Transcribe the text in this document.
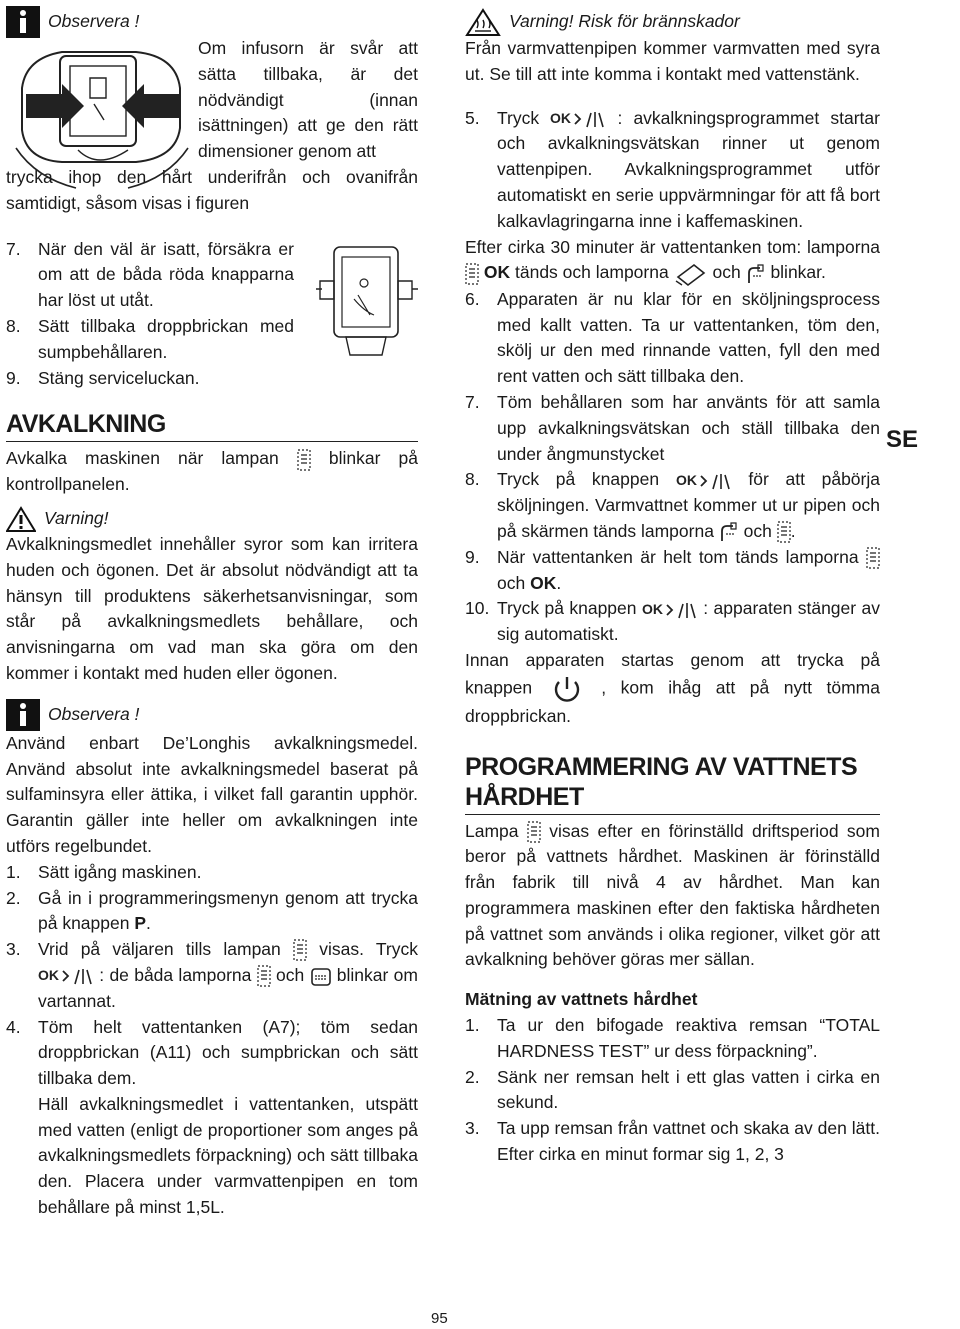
Observera !

Om infusorn är svår att sätta tillbaka, är det nödvändigt (innan isättningen) att ge den rätt dimensioner genom att

trycka ihop den hårt underifrån och ovanifrån samtidigt, såsom visas i figuren

7. När den väl är isatt, försäkra er om att de båda röda knapparna har löst ut utåt.
8. Sätt tillbaka droppbrickan med sumpbehållaren.
9. Stäng serviceluckan.
AVKALKNING

Avkalka maskinen när lampan	blinkar på kontrollpanelen.

Varning!

Avkalkningsmedlet innehåller syror som kan irritera huden och ögonen. Det är absolut nödvändigt att ta hänsyn till produktens säkerhetsanvisningar, som står på avkalkningsmedlets behållare, och anvisningarna om vad man ska göra om den kommer i kontakt med huden eller ögonen.

Observera !

Använd enbart De’Longhis avkalkningsmedel. Använd absolut inte avkalkningsmedel baserat på sulfaminsyra eller ättika, i vilket fall garantin upphör. Garantin gäller inte heller om avkalkningen inte utförs regelbundet.

1. Sätt igång maskinen.
2. Gå in i programmeringsmenyn genom att trycka på knappen P.
3. Vrid på väljaren tills lampan visas. Tryck  : de båda lamporna och blinkar om vartannat.
4. Töm helt vattentanken (A7); töm sedan droppbrickan (A11) och sumpbrickan och sätt tillbaka dem.
Häll avkalkningsmedlet i vattentanken, utspätt med vatten (enligt de proportioner som anges på avkalkningsmedlets förpackning) och sätt tillbaka den. Placera under varmvattenpipen en tom behållare på minst 1,5L.
Varning! Risk för brännskador

Från varmvattenpipen kommer varmvatten med syra ut. Se till att inte komma i kontakt med vattenstänk.

5. Tryck	: avkalkningsprogrammet startar och avkalkningsvätskan rinner ut genom vattenpipen. Avkalkningsprogrammet utför automatiskt en serie uppvärmningar för att få bort kalkavlagringarna inne i kaffemaskinen.

Efter cirka 30 minuter är vattentanken tom: lamporna  OK tänds och lamporna	och blinkar.

6. Apparaten är nu klar för en sköljningsprocess med kallt vatten. Ta ur vattentanken, töm den, skölj ur den med rinnande vatten, fyll den med rent vatten och sätt tillbaka den.
7. Töm behållaren som har använts för att samla upp avkalkningsvätskan och ställ tillbaka den under ångmunstycket
8. Tryck på knappen	för att påbörja sköljningen. Varmvattnet kommer ut ur pipen och på skärmen tänds lamporna och .
9. När vattentanken är helt tom tänds lamporna  och OK.
10. Tryck på knappen	: apparaten stänger av sig automatiskt.

Innan apparaten startas genom att trycka på knappen	, kom ihåg att på nytt tömma droppbrickan.

PROGRAMMERING AV VATTNETS HÅRDHET

Lampa visas efter en förinställd driftsperiod som beror på vattnets hårdhet. Maskinen är förinställd från fabrik till nivå 4 av hårdhet. Man kan programmera maskinen efter den faktiska hårdheten på vattnet som används i olika regioner, vilket gör att avkalkning behöver göras mer sällan.

Mätning av vattnets hårdhet
1. Ta ur den bifogade reaktiva remsan “TOTAL HARDNESS TEST” ur dess förpackning”.
2. Sänk ner remsan helt i ett glas vatten i cirka en sekund.
3. Ta upp remsan från vattnet och skaka av den lätt. Efter cirka en minut formar sig 1, 2, 3
SE
95
